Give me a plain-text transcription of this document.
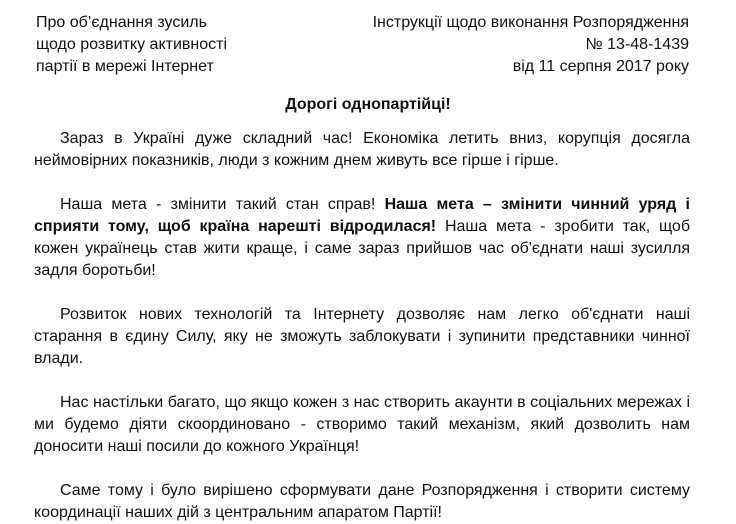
Про об’єднання зусиль
щодо розвитку активності
партії в мережі Інтернет
Інструкції щодо виконання Розпорядження
№ 13-48-1439
від 11 серпня 2017 року
Дорогі однопартійці!

Зараз в Україні дуже складний час! Економіка летить вниз, корупція досягла неймовірних показників, люди з кожним днем живуть все гірше і гірше.

Наша мета - змінити такий стан справ! Наша мета – змінити чинний уряд і сприяти тому, щоб країна нарешті відродилася! Наша мета - зробити так, щоб кожен українець став жити краще, і саме зараз прийшов час об'єднати наші зусилля задля боротьби!

Розвиток нових технологій та Інтернету дозволяє нам легко об'єднати наші старання в єдину Силу, яку не зможуть заблокувати і зупинити представники чинної влади.

Нас настільки багато, що якщо кожен з нас створить акаунти в соціальних мережах і ми будемо діяти скоординовано - створимо такий механізм, який дозволить нам доносити наші посили до кожного Українця!

Саме тому і було вирішено сформувати дане Розпорядження і створити систему координації наших дій з центральним апаратом Партії!
